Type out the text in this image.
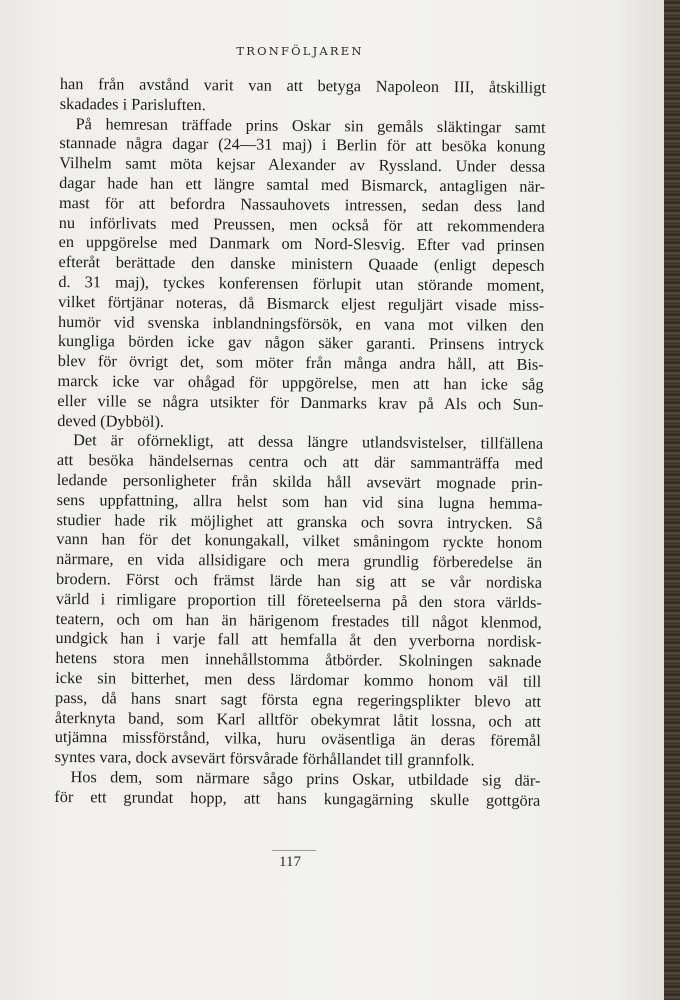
TRONFÖLJAREN
han från avstånd varit van att betyga Napoleon III, åtskilligt
skadades i Parisluften.
På hemresan träffade prins Oskar sin gemåls släktingar samt
stannade några dagar (24—31 maj) i Berlin för att besöka konung
Vilhelm samt möta kejsar Alexander av Ryssland. Under dessa
dagar hade han ett längre samtal med Bismarck, antagligen när-
mast för att befordra Nassauhovets intressen, sedan dess land
nu införlivats med Preussen, men också för att rekommendera
en uppgörelse med Danmark om Nord-Slesvig. Efter vad prinsen
efteråt berättade den danske ministern Quaade (enligt depesch
d. 31 maj), tyckes konferensen förlupit utan störande moment,
vilket förtjänar noteras, då Bismarck eljest reguljärt visade miss-
humör vid svenska inblandningsförsök, en vana mot vilken den
kungliga börden icke gav någon säker garanti. Prinsens intryck
blev för övrigt det, som möter från många andra håll, att Bis-
marck icke var ohågad för uppgörelse, men att han icke såg
eller ville se några utsikter för Danmarks krav på Als och Sun-
deved (Dybböl).
Det är oförnekligt, att dessa längre utlandsvistelser, tillfällena
att besöka händelsernas centra och att där sammanträffa med
ledande personligheter från skilda håll avsevärt mognade prin-
sens uppfattning, allra helst som han vid sina lugna hemma-
studier hade rik möjlighet att granska och sovra intrycken. Så
vann han för det konungakall, vilket småningom ryckte honom
närmare, en vida allsidigare och mera grundlig förberedelse än
brodern. Först och främst lärde han sig att se vår nordiska
värld i rimligare proportion till företeelserna på den stora världs-
teatern, och om han än härigenom frestades till något klenmod,
undgick han i varje fall att hemfalla åt den yverborna nordisk-
hetens stora men innehållstomma åtbörder. Skolningen saknade
icke sin bitterhet, men dess lärdomar kommo honom väl till
pass, då hans snart sagt första egna regeringsplikter blevo att
återknyta band, som Karl alltför obekymrat låtit lossna, och att
utjämna missförstånd, vilka, huru oväsentliga än deras föremål
syntes vara, dock avsevärt försvårade förhållandet till grannfolk.
Hos dem, som närmare sågo prins Oskar, utbildade sig där-
för ett grundat hopp, att hans kungagärning skulle gottgöra
117
